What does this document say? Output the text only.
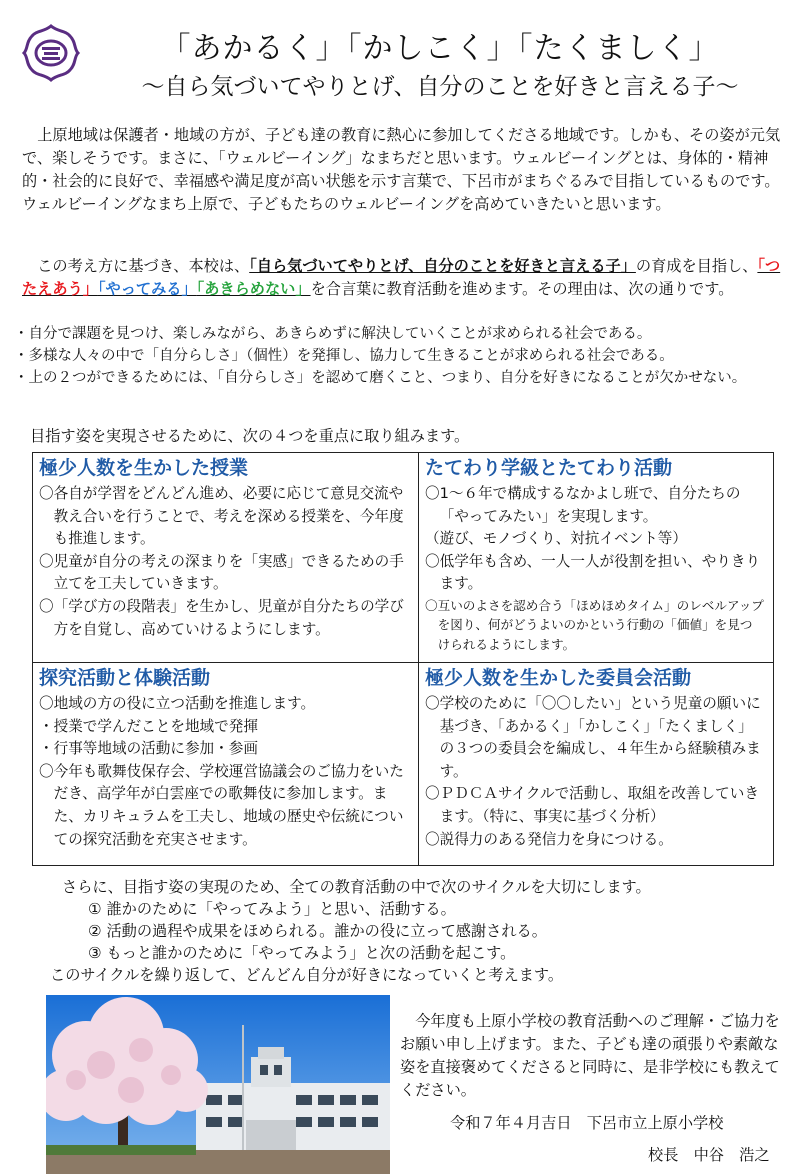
「あかるく」「かしこく」「たくましく」
～自ら気づいてやりとげ、自分のことを好きと言える子～
上原地域は保護者・地域の方が、子ども達の教育に熱心に参加してくださる地域です。しかも、その姿が元気で、楽しそうです。まさに、「ウェルビーイング」なまちだと思います。ウェルビーイングとは、身体的・精神的・社会的に良好で、幸福感や満足度が高い状態を示す言葉で、下呂市がまちぐるみで目指しているものです。ウェルビーイングなまち上原で、子どもたちのウェルビーイングを高めていきたいと思います。
この考え方に基づき、本校は、「自ら気づいてやりとげ、自分のことを好きと言える子」の育成を目指し、「つたえあう」「やってみる」「あきらめない」を合言葉に教育活動を進めます。その理由は、次の通りです。
・自分で課題を見つけ、楽しみながら、あきらめずに解決していくことが求められる社会である。
・多様な人々の中で「自分らしさ」（個性）を発揮し、協力して生きることが求められる社会である。
・上の２つができるためには、「自分らしさ」を認めて磨くこと、つまり、自分を好きになることが欠かせない。
目指す姿を実現させるために、次の４つを重点に取り組みます。
極少人数を生かした授業
〇各自が学習をどんどん進め、必要に応じて意見交流や教え合いを行うことで、考えを深める授業を、今年度も推進します。
〇児童が自分の考えの深まりを「実感」できるための手立てを工夫していきます。
〇「学び方の段階表」を生かし、児童が自分たちの学び方を自覚し、高めていけるようにします。
たてわり学級とたてわり活動
〇1～６年で構成するなかよし班で、自分たちの「やってみたい」を実現します。
（遊び、モノづくり、対抗イベント等）
〇低学年も含め、一人一人が役割を担い、やりきります。
〇互いのよさを認め合う「ほめほめタイム」のレベルアップを図り、何がどうよいのかという行動の「価値」を見つけられるようにします。
探究活動と体験活動
〇地域の方の役に立つ活動を推進します。
・授業で学んだことを地域で発揮
・行事等地域の活動に参加・参画
〇今年も歌舞伎保存会、学校運営協議会のご協力をいただき、高学年が白雲座での歌舞伎に参加します。また、カリキュラムを工夫し、地域の歴史や伝統についての探究活動を充実させます。
極少人数を生かした委員会活動
〇学校のために「〇〇したい」という児童の願いに基づき、「あかるく」「かしこく」「たくましく」の３つの委員会を編成し、４年生から経験積みます。
〇ＰＤＣＡサイクルで活動し、取組を改善していきます。（特に、事実に基づく分析）
〇説得力のある発信力を身につける。
さらに、目指す姿の実現のため、全ての教育活動の中で次のサイクルを大切にします。
① 誰かのために「やってみよう」と思い、活動する。
② 活動の過程や成果をほめられる。誰かの役に立って感謝される。
③ もっと誰かのために「やってみよう」と次の活動を起こす。
このサイクルを繰り返して、どんどん自分が好きになっていくと考えます。
今年度も上原小学校の教育活動へのご理解・ご協力をお願い申し上げます。また、子ども達の頑張りや素敵な姿を直接褒めてくださると同時に、是非学校にも教えてください。
令和７年４月吉日　下呂市立上原小学校
校長　中谷　浩之
